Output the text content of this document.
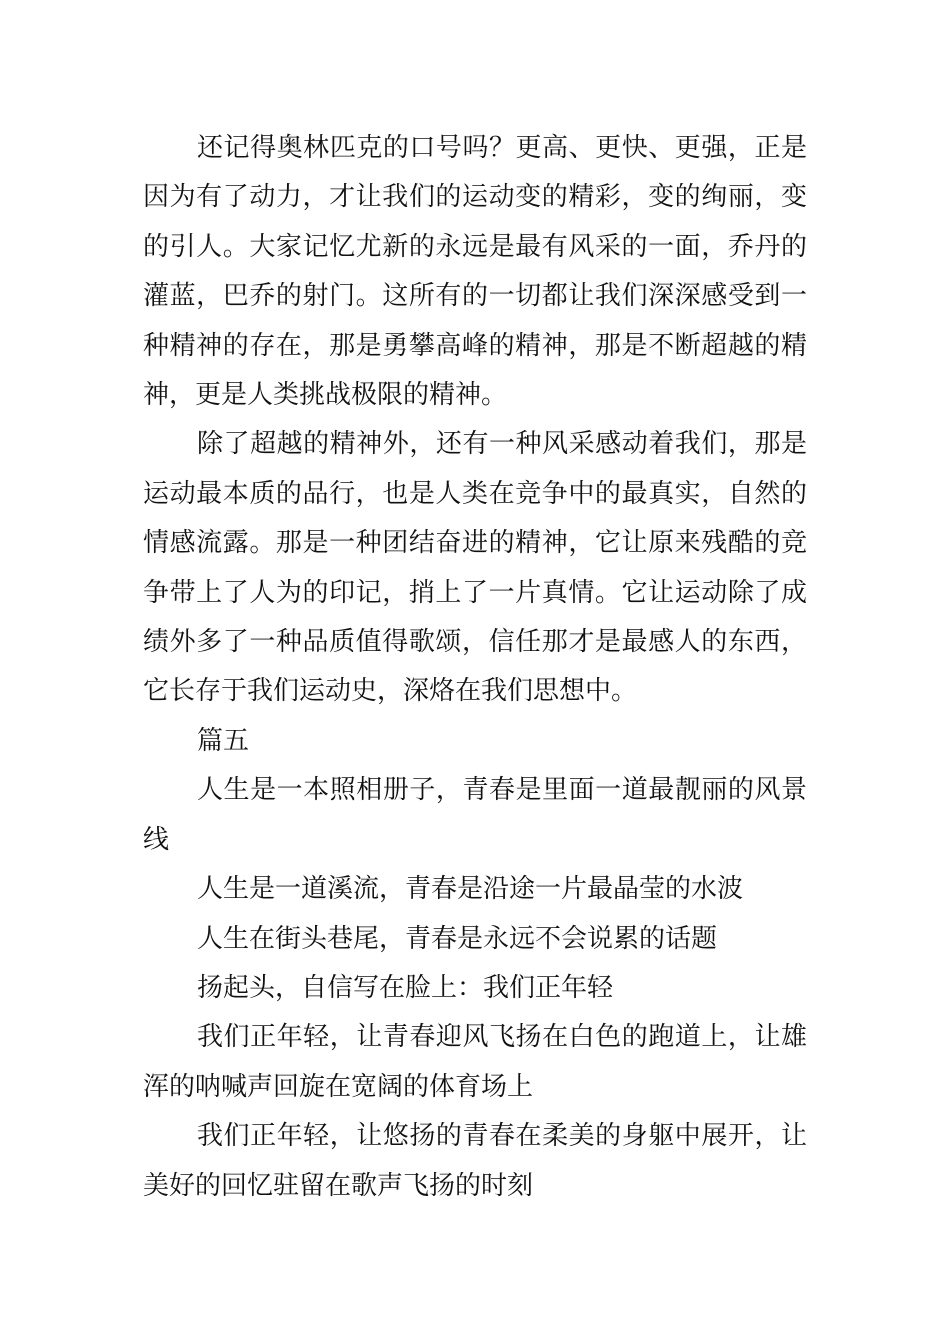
还记得奥林匹克的口号吗？更高、更快、更强，正是因为有了动力，才让我们的运动变的精彩，变的绚丽，变的引人。大家记忆尤新的永远是最有风采的一面，乔丹的灌蓝，巴乔的射门。这所有的一切都让我们深深感受到一种精神的存在，那是勇攀高峰的精神，那是不断超越的精神，更是人类挑战极限的精神。

除了超越的精神外，还有一种风采感动着我们，那是运动最本质的品行，也是人类在竞争中的最真实，自然的情感流露。那是一种团结奋进的精神，它让原来残酷的竞争带上了人为的印记，捎上了一片真情。它让运动除了成绩外多了一种品质值得歌颂，信任那才是最感人的东西，它长存于我们运动史，深烙在我们思想中。

篇五

人生是一本照相册子，青春是里面一道最靓丽的风景线

人生是一道溪流，青春是沿途一片最晶莹的水波

人生在街头巷尾，青春是永远不会说累的话题

扬起头，自信写在脸上：我们正年轻

我们正年轻，让青春迎风飞扬在白色的跑道上，让雄浑的呐喊声回旋在宽阔的体育场上

我们正年轻，让悠扬的青春在柔美的身躯中展开，让美好的回忆驻留在歌声飞扬的时刻
